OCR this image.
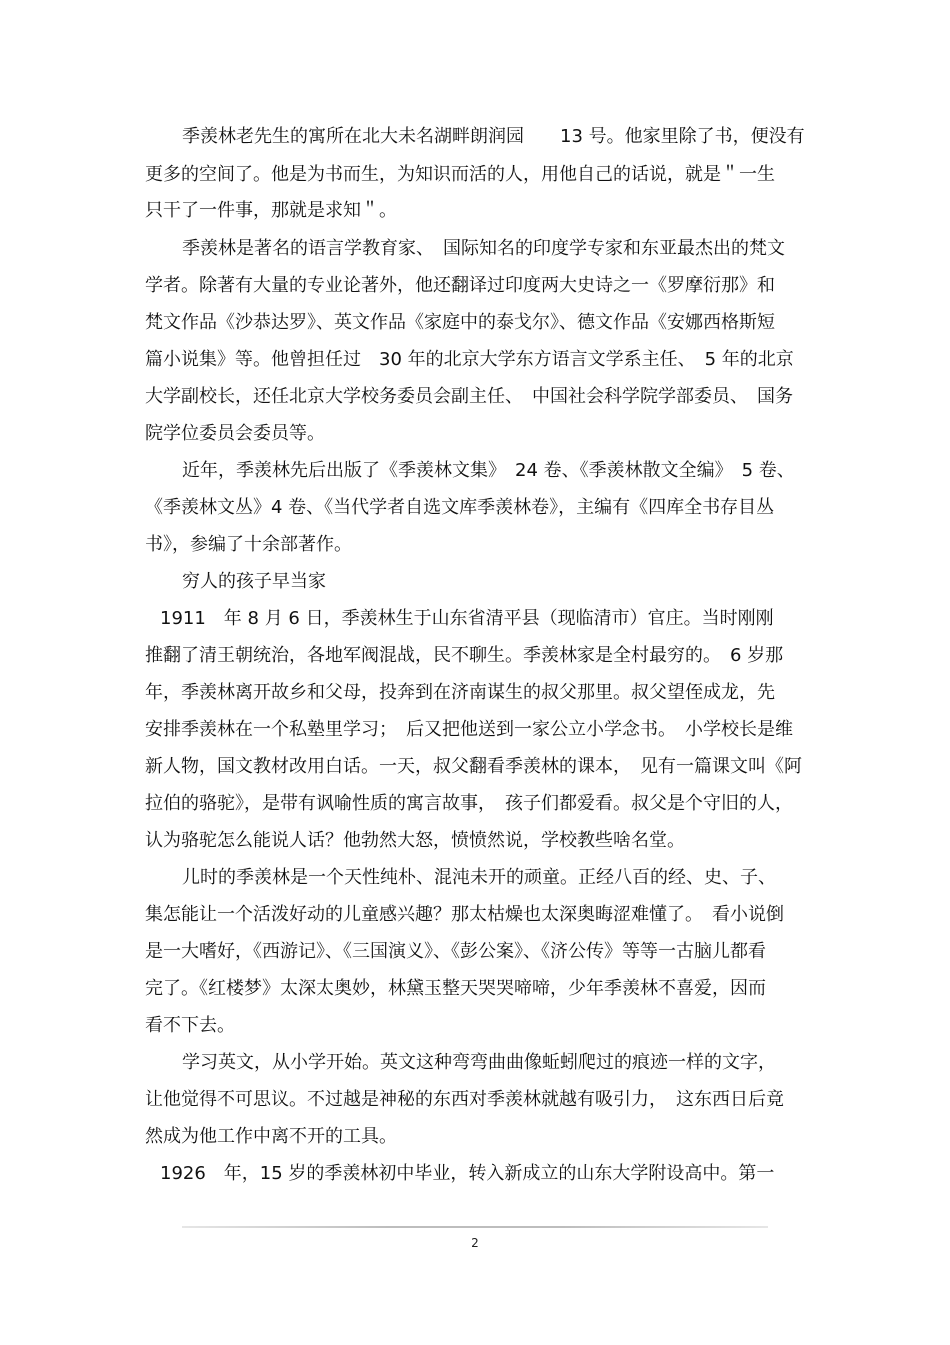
季羡林老先生的寓所在北大未名湖畔朗润园　　13 号。他家里除了书，便没有
更多的空间了。他是为书而生，为知识而活的人，用他自己的话说，就是＂一生
只干了一件事，那就是求知＂。
季羡林是著名的语言学教育家、　国际知名的印度学专家和东亚最杰出的梵文
学者。除著有大量的专业论著外，他还翻译过印度两大史诗之一《罗摩衍那》和
梵文作品《沙恭达罗》、英文作品《家庭中的泰戈尔》、德文作品《安娜西格斯短
篇小说集》等。他曾担任过　30 年的北京大学东方语言文学系主任、　5 年的北京
大学副校长，还任北京大学校务委员会副主任、　中国社会科学院学部委员、　国务
院学位委员会委员等。
近年，季羡林先后出版了《季羡林文集》　24 卷、《季羡林散文全编》　5 卷、
《季羡林文丛》4 卷、《当代学者自选文库季羡林卷》，主编有《四库全书存目丛
书》，参编了十余部著作。
穷人的孩子早当家
1911　年 8 月 6 日，季羡林生于山东省清平县（现临清市）官庄。当时刚刚
推翻了清王朝统治，各地军阀混战，民不聊生。季羡林家是全村最穷的。　6 岁那
年，季羡林离开故乡和父母，投奔到在济南谋生的叔父那里。叔父望侄成龙，先
安排季羡林在一个私塾里学习；　后又把他送到一家公立小学念书。　小学校长是维
新人物，国文教材改用白话。一天，叔父翻看季羡林的课本，　见有一篇课文叫《阿
拉伯的骆驼》，是带有讽喻性质的寓言故事，　孩子们都爱看。叔父是个守旧的人，
认为骆驼怎么能说人话？他勃然大怒，愤愤然说，学校教些啥名堂。
儿时的季羡林是一个天性纯朴、混沌未开的顽童。正经八百的经、史、子、
集怎能让一个活泼好动的儿童感兴趣？那太枯燥也太深奥晦涩难懂了。　看小说倒
是一大嗜好，《西游记》、《三国演义》、《彭公案》、《济公传》等等一古脑儿都看
完了。《红楼梦》太深太奥妙，林黛玉整天哭哭啼啼，少年季羡林不喜爱，因而
看不下去。
学习英文，从小学开始。英文这种弯弯曲曲像蚯蚓爬过的痕迹一样的文字，
让他觉得不可思议。不过越是神秘的东西对季羡林就越有吸引力，　这东西日后竟
然成为他工作中离不开的工具。
1926　年，15 岁的季羡林初中毕业，转入新成立的山东大学附设高中。第一
2
